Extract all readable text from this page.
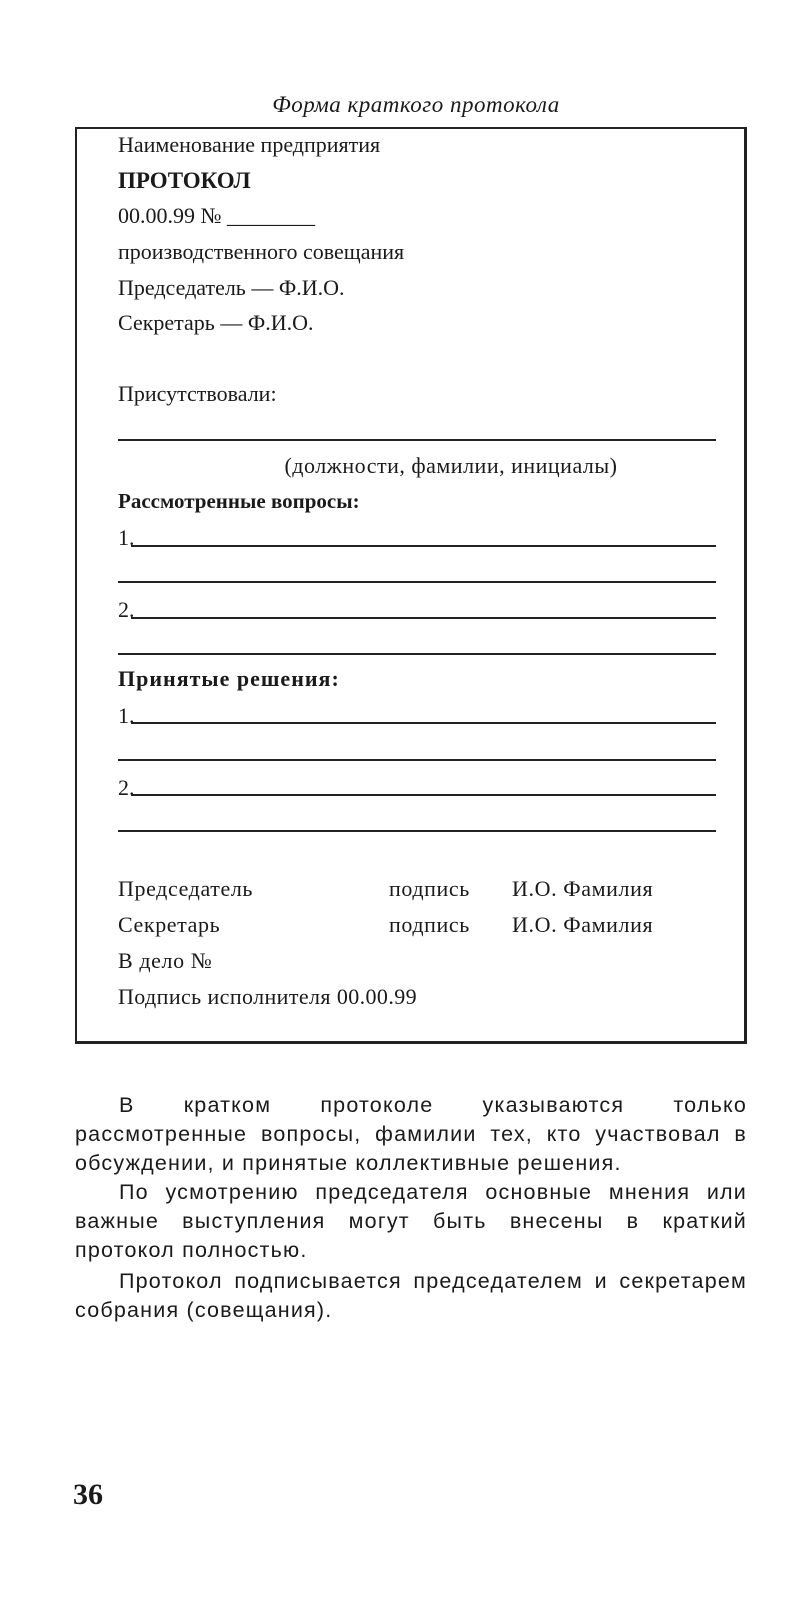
Форма краткого протокола
Наименование предприятия
ПРОТОКОЛ
00.00.99 № ________
производственного совещания
Председатель — Ф.И.О.
Секретарь — Ф.И.О.
Присутствовали:
(должности, фамилии, инициалы)
Рассмотренные вопросы:
1.
2.
Принятые решения:
1.
2.
Председатель	подпись И.О. Фамилия
Секретарь	подпись И.О. Фамилия
В дело №
Подпись исполнителя 00.00.99

В кратком протоколе указываются только рассмотренные вопросы, фамилии тех, кто участвовал в обсуждении, и принятые коллективные решения.

По усмотрению председателя основные мнения или важные выступления могут быть внесены в краткий протокол полностью.

Протокол подписывается председателем и секретарем собрания (совещания).

36
